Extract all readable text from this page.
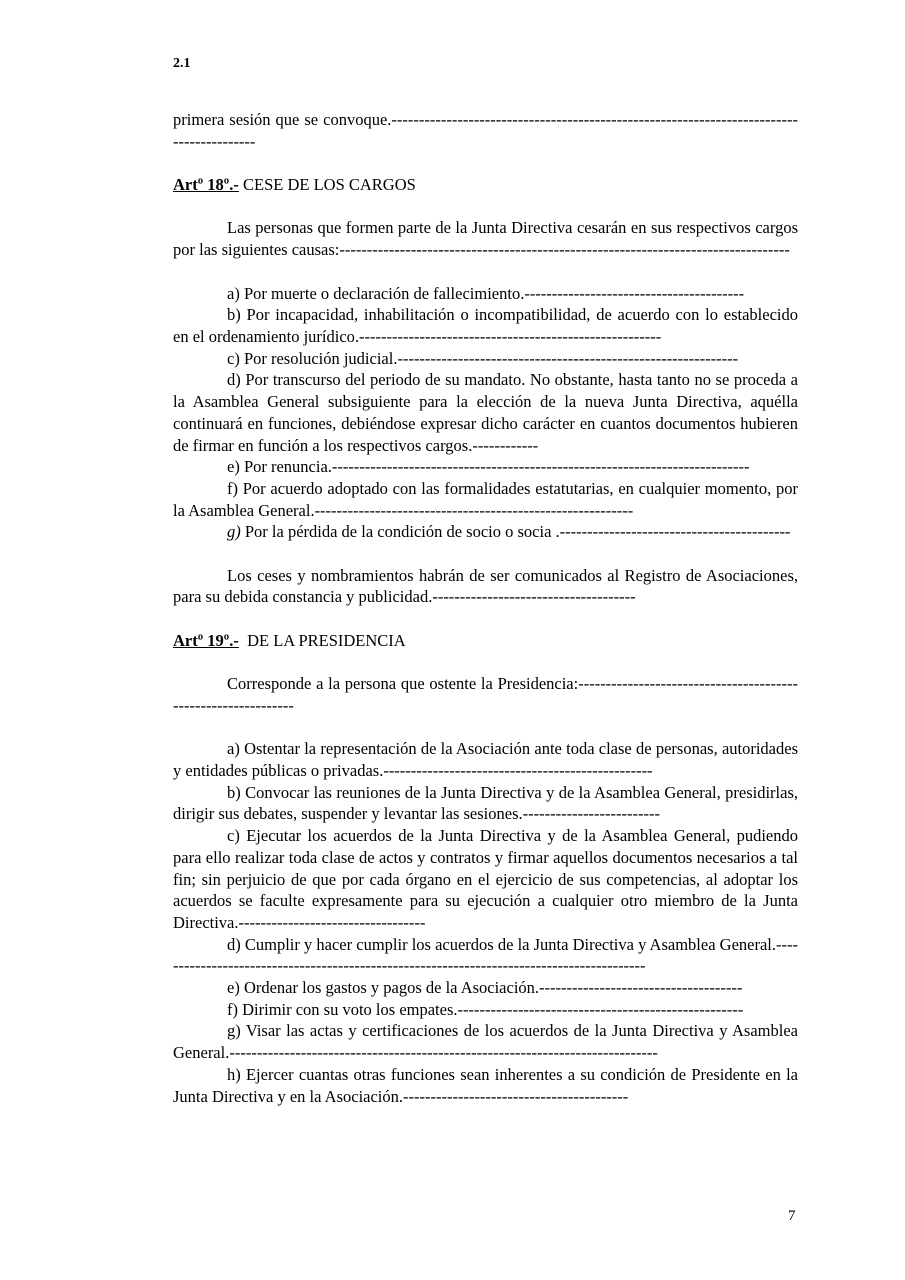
2.1

primera sesión que se convoque.-----------------------------------------------------------------------------------------

Artº 18º.- CESE DE LOS CARGOS

Las personas que formen parte de la Junta Directiva cesarán en sus respectivos cargos por las siguientes causas:----------------------------------------------------------------------------------

a) Por muerte o declaración de fallecimiento.----------------------------------------

b) Por incapacidad, inhabilitación o incompatibilidad, de acuerdo con lo establecido en el ordenamiento jurídico.-------------------------------------------------------

c) Por resolución judicial.--------------------------------------------------------------

d) Por transcurso del periodo de su mandato. No obstante, hasta tanto no se proceda a la Asamblea General subsiguiente para la elección de la nueva Junta Directiva, aquélla continuará en funciones, debiéndose expresar dicho carácter en cuantos documentos hubieren de firmar en función a los respectivos cargos.------------

e) Por renuncia.----------------------------------------------------------------------------

f) Por acuerdo adoptado con las formalidades estatutarias, en cualquier momento, por la Asamblea General.----------------------------------------------------------

g) Por la pérdida de la condición de socio o socia .------------------------------------------

Los ceses y nombramientos habrán de ser comunicados al Registro de Asociaciones, para su debida constancia y publicidad.-------------------------------------

Artº 19º.-  DE LA PRESIDENCIA

Corresponde a la persona que ostente la Presidencia:--------------------------------------------------------------

a) Ostentar la representación de la Asociación ante toda clase de personas, autoridades y entidades públicas o privadas.-------------------------------------------------

b) Convocar las reuniones de la Junta Directiva y de la Asamblea General, presidirlas, dirigir sus debates, suspender y levantar las sesiones.-------------------------

c) Ejecutar los acuerdos de la Junta Directiva y de la Asamblea General, pudiendo para ello realizar toda clase de actos y contratos y firmar aquellos documentos necesarios a tal fin; sin perjuicio de que por cada órgano en el ejercicio de sus competencias, al adoptar los acuerdos se faculte expresamente para su ejecución a cualquier otro miembro de la Junta Directiva.----------------------------------

d) Cumplir y hacer cumplir los acuerdos de la Junta Directiva y Asamblea General.------------------------------------------------------------------------------------------

e) Ordenar los gastos y pagos de la Asociación.-------------------------------------

f) Dirimir con su voto los empates.----------------------------------------------------

g) Visar las actas y certificaciones de los acuerdos de la Junta Directiva y Asamblea General.------------------------------------------------------------------------------

h) Ejercer cuantas otras funciones sean inherentes a su condición de Presidente en la Junta Directiva y en la Asociación.-----------------------------------------

7
